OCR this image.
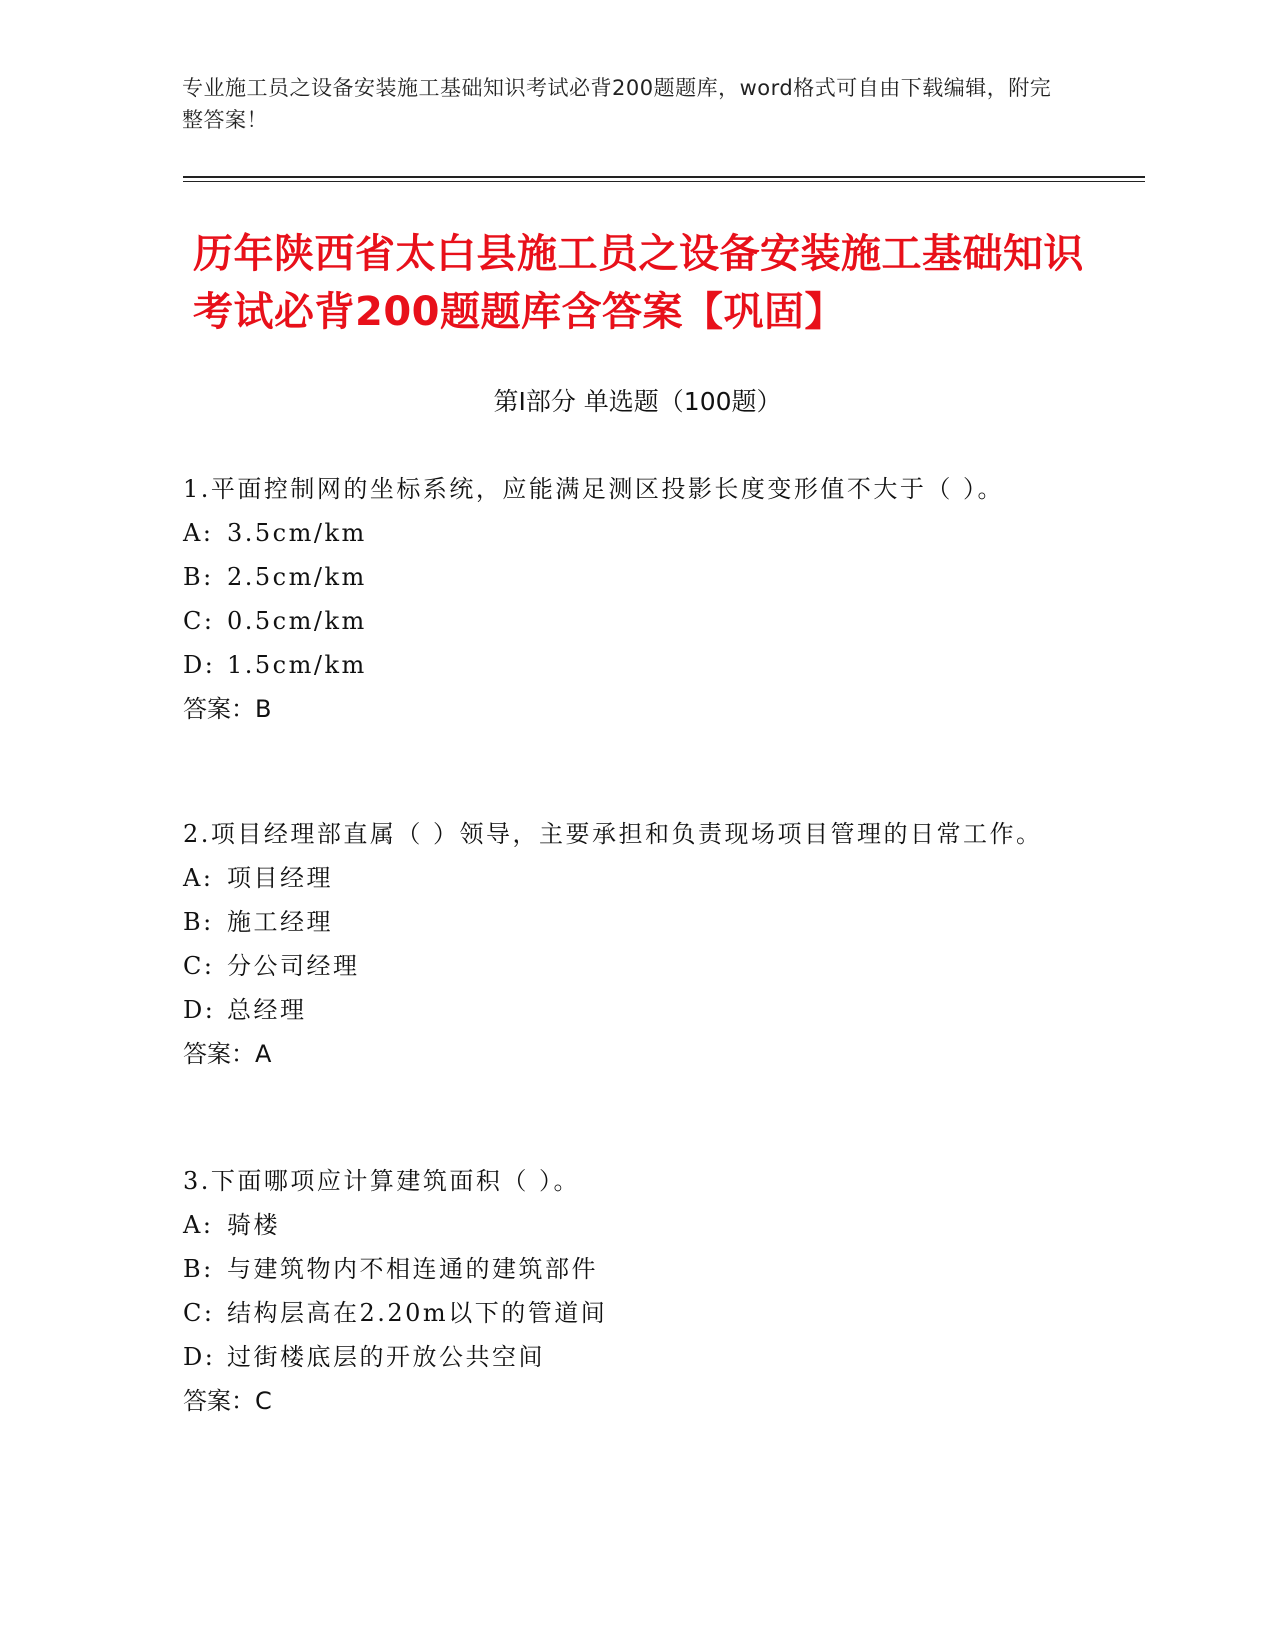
专业施工员之设备安装施工基础知识考试必背200题题库，word格式可自由下载编辑，附完整答案！
历年陕西省太白县施工员之设备安装施工基础知识考试必背200题题库含答案【巩固】
第Ⅰ部分 单选题（100题）

1.平面控制网的坐标系统，应能满足测区投影长度变形值不大于（ ）。

A: 3.5cm/km

B: 2.5cm/km

C: 0.5cm/km

D: 1.5cm/km

答案：B

2.项目经理部直属（ ）领导，主要承担和负责现场项目管理的日常工作。

A: 项目经理

B: 施工经理

C: 分公司经理

D: 总经理

答案：A

3.下面哪项应计算建筑面积（ ）。

A: 骑楼

B: 与建筑物内不相连通的建筑部件

C: 结构层高在2.20m以下的管道间

D: 过街楼底层的开放公共空间

答案：C
